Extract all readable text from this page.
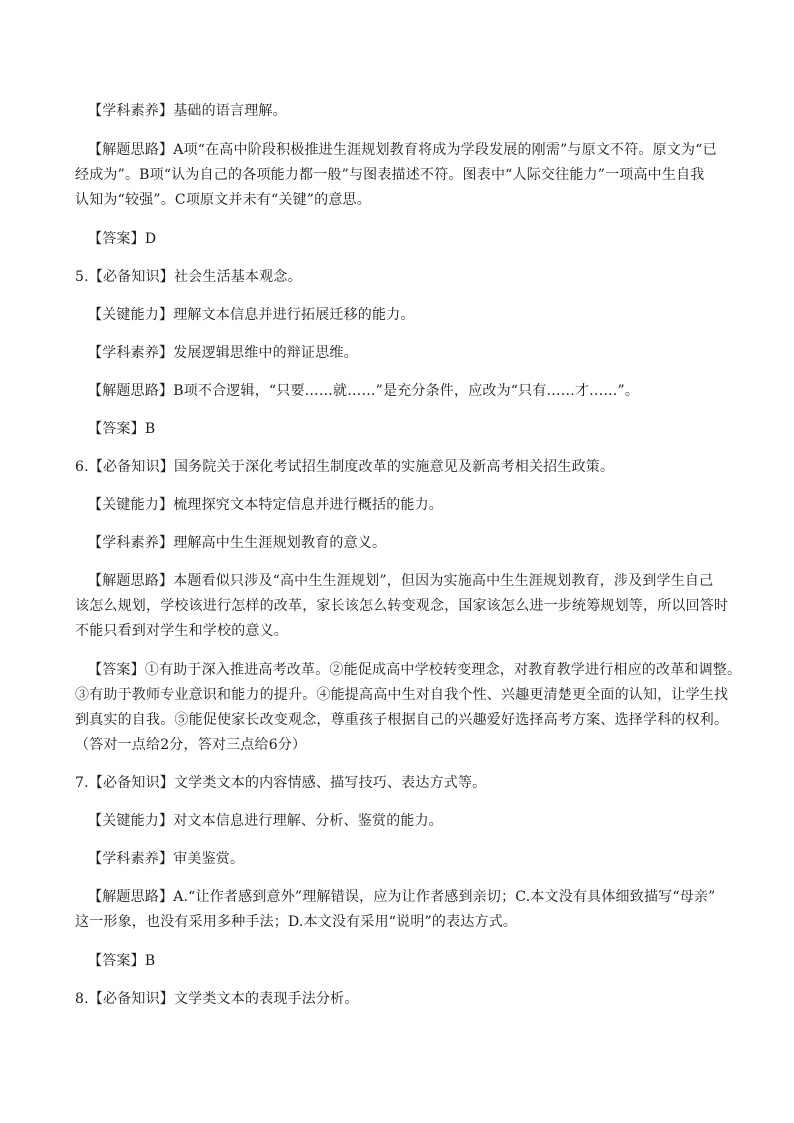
【学科素养】基础的语言理解。
【解题思路】A项“在高中阶段积极推进生涯规划教育将成为学段发展的刚需”与原文不符。原文为“已
经成为”。B项“认为自己的各项能力都一般”与图表描述不符。图表中“人际交往能力”一项高中生自我
认知为“较强”。C项原文并未有“关键”的意思。
【答案】D
5.【必备知识】社会生活基本观念。
【关键能力】理解文本信息并进行拓展迁移的能力。
【学科素养】发展逻辑思维中的辩证思维。
【解题思路】B项不合逻辑，“只要……就……”是充分条件，应改为“只有……才……”。
【答案】B
6.【必备知识】国务院关于深化考试招生制度改革的实施意见及新高考相关招生政策。
【关键能力】梳理探究文本特定信息并进行概括的能力。
【学科素养】理解高中生生涯规划教育的意义。
【解题思路】本题看似只涉及“高中生生涯规划”，但因为实施高中生生涯规划教育，涉及到学生自己
该怎么规划，学校该进行怎样的改革，家长该怎么转变观念，国家该怎么进一步统筹规划等，所以回答时
不能只看到对学生和学校的意义。
【答案】①有助于深入推进高考改革。②能促成高中学校转变理念，对教育教学进行相应的改革和调整。
③有助于教师专业意识和能力的提升。④能提高高中生对自我个性、兴趣更清楚更全面的认知，让学生找
到真实的自我。⑤能促使家长改变观念，尊重孩子根据自己的兴趣爱好选择高考方案、选择学科的权利。
（答对一点给2分，答对三点给6分）
7.【必备知识】文学类文本的内容情感、描写技巧、表达方式等。
【关键能力】对文本信息进行理解、分析、鉴赏的能力。
【学科素养】审美鉴赏。
【解题思路】A.“让作者感到意外”理解错误，应为让作者感到亲切；C.本文没有具体细致描写“母亲”
这一形象，也没有采用多种手法；D.本文没有采用“说明”的表达方式。
【答案】B
8.【必备知识】文学类文本的表现手法分析。
